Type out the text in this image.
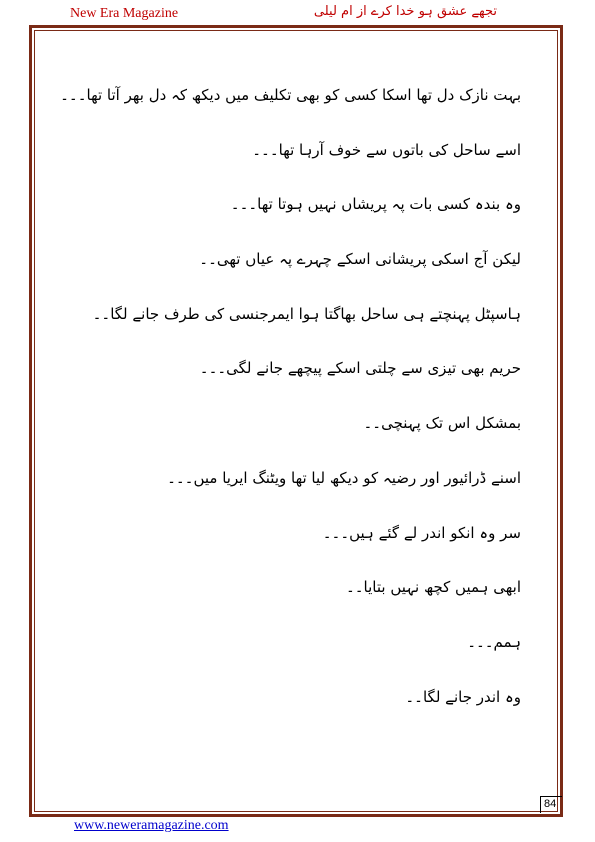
New Era Magazine	تجھے عشق ہو خدا کرے از ام لیلی
بہت نازک دل تھا اسکا کسی کو بھی تکلیف میں دیکھ کہ دل بھر آتا تھا۔۔۔
اسے ساحل کی باتوں سے خوف آرہا تھا۔۔۔
وہ بندہ کسی بات پہ پریشاں نہیں ہوتا تھا۔۔۔
لیکن آج اسکی پریشانی اسکے چہرے پہ عیاں تھی۔۔
ہاسپٹل پہنچتے ہی ساحل بھاگتا ہوا ایمرجنسی کی طرف جانے لگا۔۔
حریم بھی تیزی سے چلتی اسکے پیچھے جانے لگی۔۔۔
بمشکل اس تک پہنچی۔۔
اسنے ڈرائیور اور رضیہ کو دیکھ لیا تھا ویٹنگ ایریا میں۔۔۔
سر وہ انکو اندر لے گئے ہیں۔۔۔
ابھی ہمیں کچھ نہیں بتایا۔۔
ہمم۔۔۔
وہ اندر جانے لگا۔۔
84
www.neweramagazine.com
